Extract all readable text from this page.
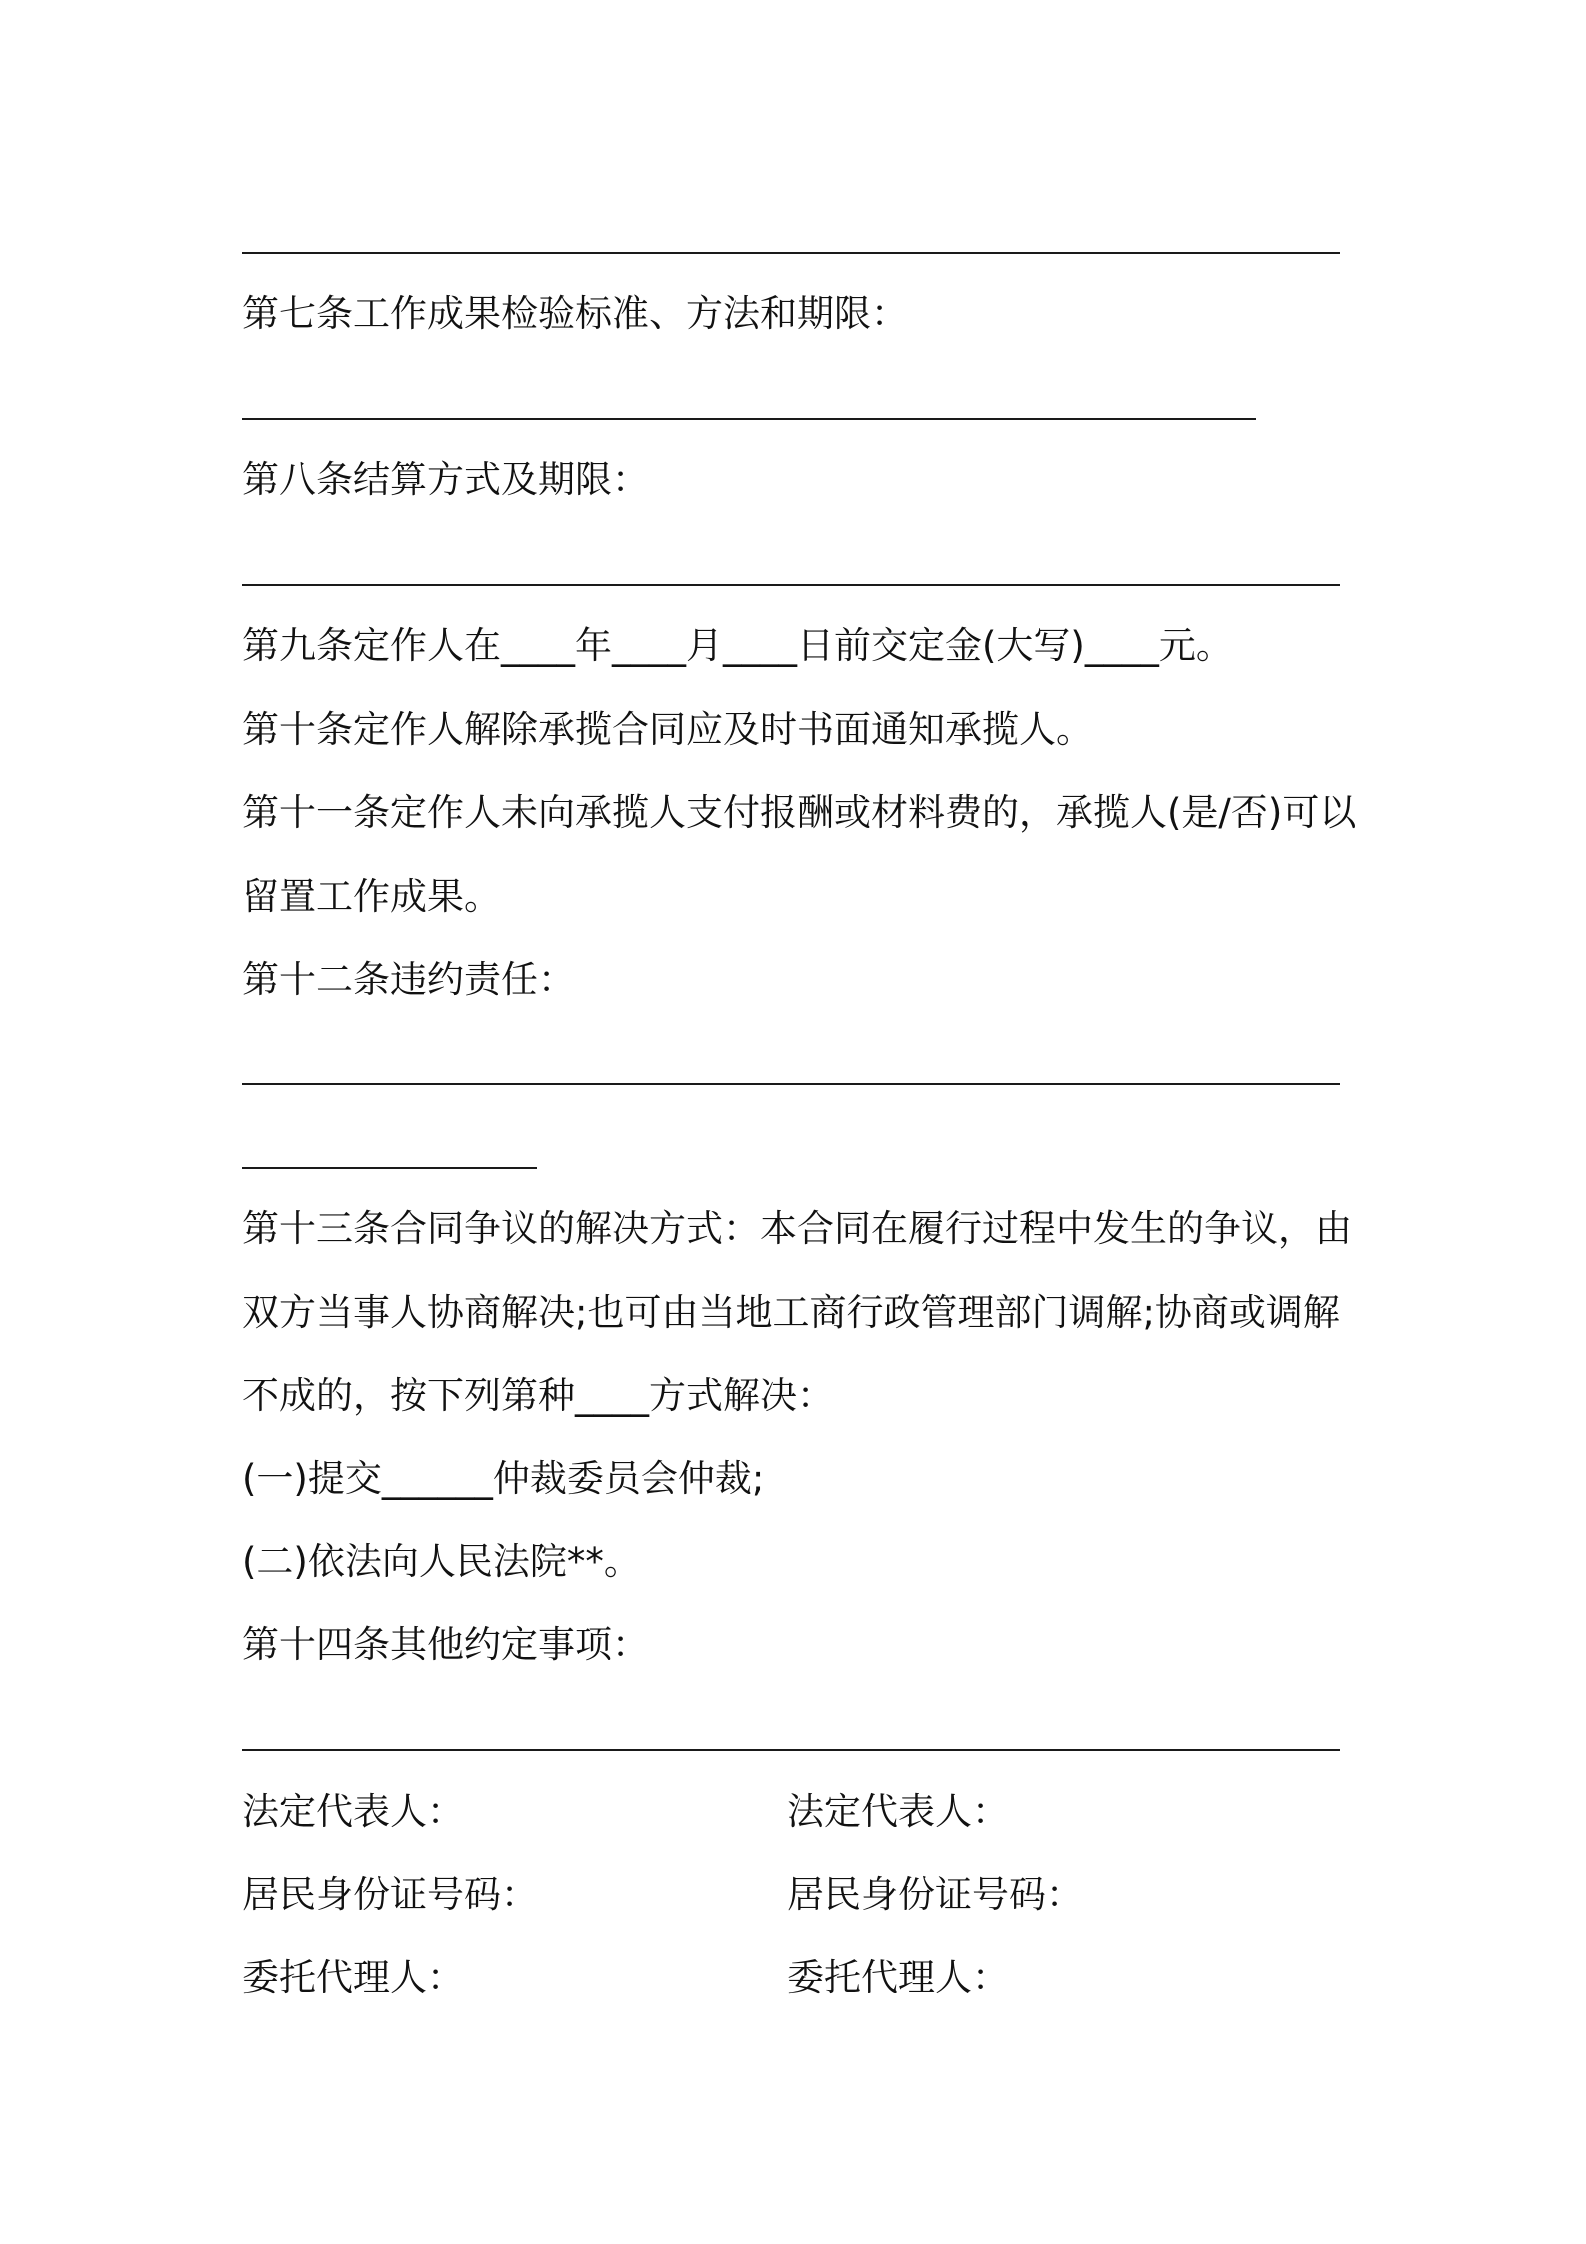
第七条工作成果检验标准、方法和期限：
第八条结算方式及期限：
第九条定作人在____年____月____日前交定金(大写)____元。
第十条定作人解除承揽合同应及时书面通知承揽人。
第十一条定作人未向承揽人支付报酬或材料费的，承揽人(是/否)可以
留置工作成果。
第十二条违约责任：
第十三条合同争议的解决方式：本合同在履行过程中发生的争议，由
双方当事人协商解决;也可由当地工商行政管理部门调解;协商或调解
不成的，按下列第种____方式解决：
(一)提交______仲裁委员会仲裁;
(二)依法向人民法院**。
第十四条其他约定事项：
法定代表人：	法定代表人：
居民身份证号码：	居民身份证号码：
委托代理人：	委托代理人：
